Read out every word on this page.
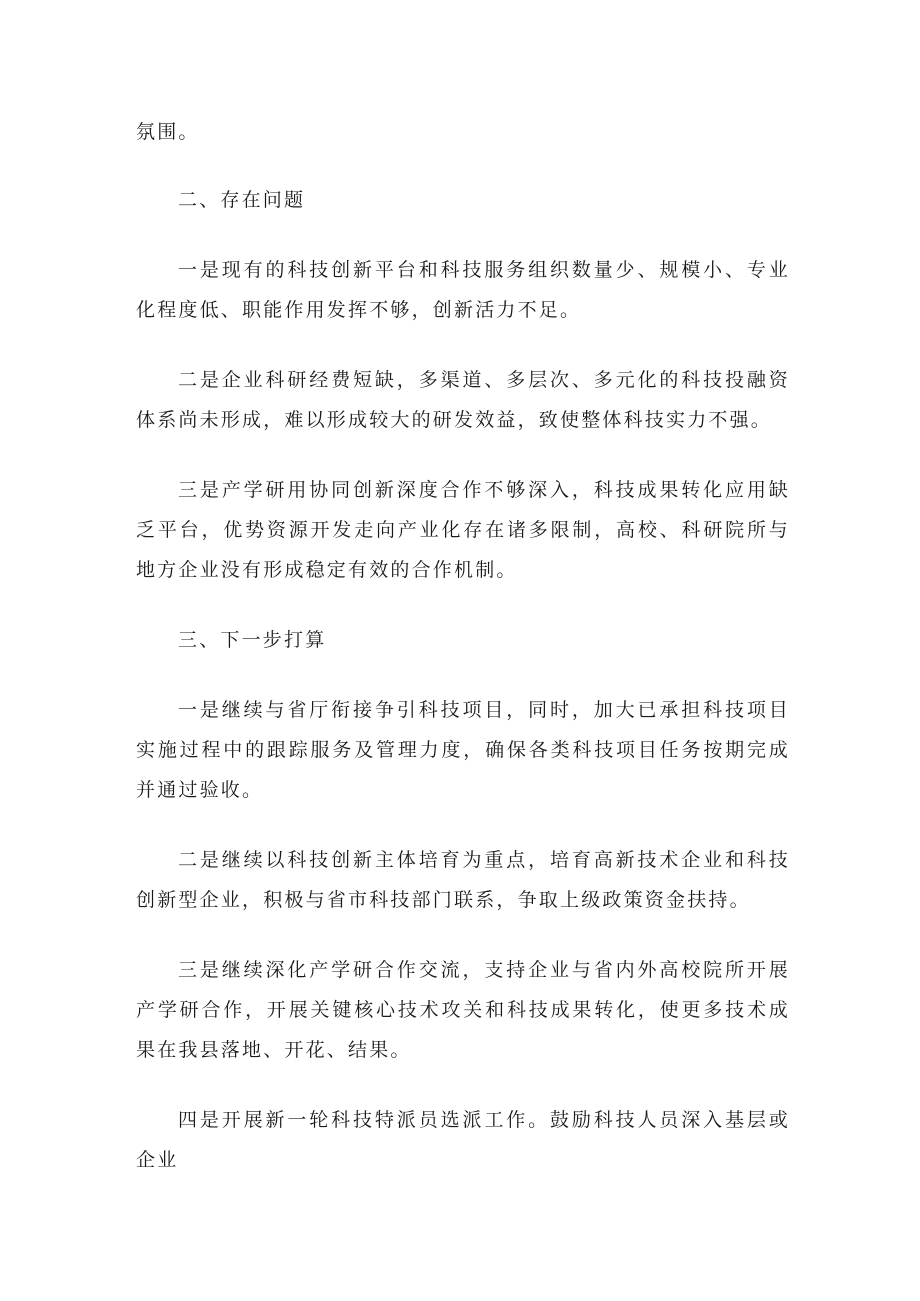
氛围。

二、存在问题

一是现有的科技创新平台和科技服务组织数量少、规模小、专业化程度低、职能作用发挥不够，创新活力不足。

二是企业科研经费短缺，多渠道、多层次、多元化的科技投融资体系尚未形成，难以形成较大的研发效益，致使整体科技实力不强。

三是产学研用协同创新深度合作不够深入，科技成果转化应用缺乏平台，优势资源开发走向产业化存在诸多限制，高校、科研院所与地方企业没有形成稳定有效的合作机制。

三、下一步打算

一是继续与省厅衔接争引科技项目，同时，加大已承担科技项目实施过程中的跟踪服务及管理力度，确保各类科技项目任务按期完成并通过验收。

二是继续以科技创新主体培育为重点，培育高新技术企业和科技创新型企业，积极与省市科技部门联系，争取上级政策资金扶持。

三是继续深化产学研合作交流，支持企业与省内外高校院所开展产学研合作，开展关键核心技术攻关和科技成果转化，使更多技术成果在我县落地、开花、结果。

四是开展新一轮科技特派员选派工作。鼓励科技人员深入基层或企业
